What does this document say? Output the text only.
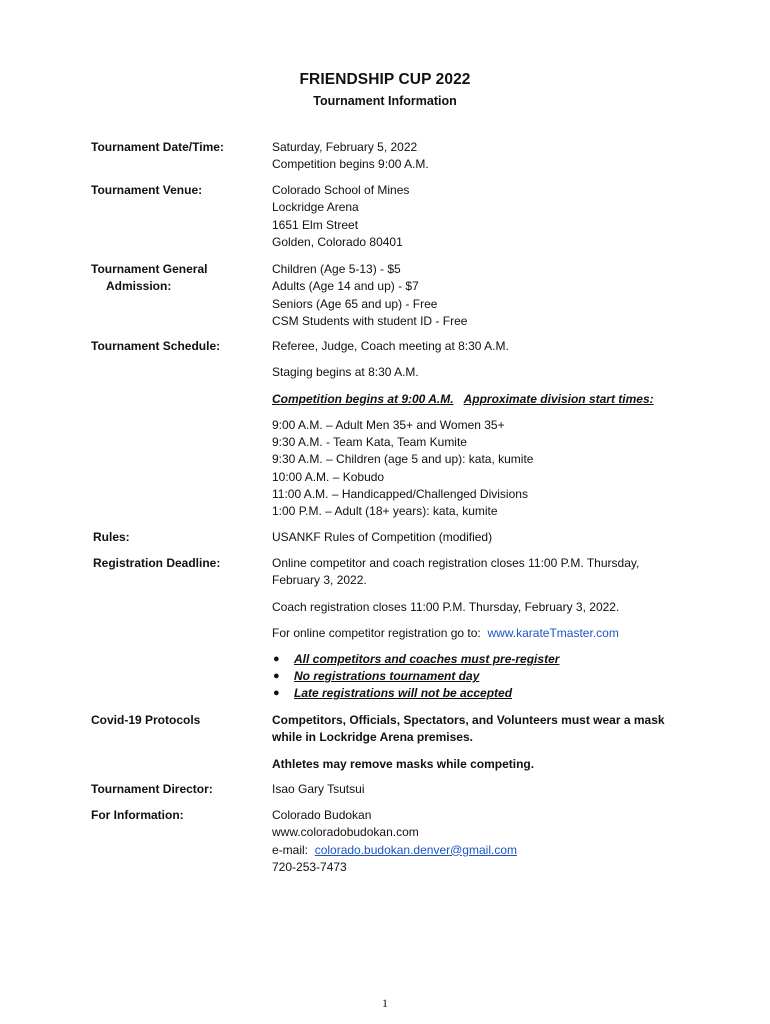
FRIENDSHIP CUP 2022
Tournament Information
Tournament Date/Time:	Saturday, February 5, 2022
Competition begins 9:00 A.M.
Tournament Venue:	Colorado School of Mines
Lockridge Arena
1651 Elm Street
Golden, Colorado 80401
Tournament General
Admission:
Children (Age 5-13) - $5
Adults (Age 14 and up) - $7
Seniors (Age 65 and up) - Free
CSM Students with student ID - Free
Tournament Schedule:	Referee, Judge, Coach meeting at 8:30 A.M.
Staging begins at 8:30 A.M.
Competition begins at 9:00 A.M. Approximate division start times:
9:00 A.M. – Adult Men 35+ and Women 35+
9:30 A.M. - Team Kata, Team Kumite
9:30 A.M. – Children (age 5 and up): kata, kumite
10:00 A.M. – Kobudo
11:00 A.M. – Handicapped/Challenged Divisions
1:00 P.M. – Adult (18+ years): kata, kumite
Rules:	USANKF Rules of Competition (modified)
Registration Deadline:	Online competitor and coach registration closes 11:00 P.M. Thursday,
February 3, 2022.
Coach registration closes 11:00 P.M. Thursday, February 3, 2022.
For online competitor registration go to: www.karateTmaster.com
● All competitors and coaches must pre-register
● No registrations tournament day
● Late registrations will not be accepted
Covid-19 Protocols	Competitors, Officials, Spectators, and Volunteers must wear a mask
while in Lockridge Arena premises.
Athletes may remove masks while competing.
Tournament Director:	Isao Gary Tsutsui
For Information:	Colorado Budokan
www.coloradobudokan.com
e-mail: colorado.budokan.denver@gmail.com
720-253-7473
1
